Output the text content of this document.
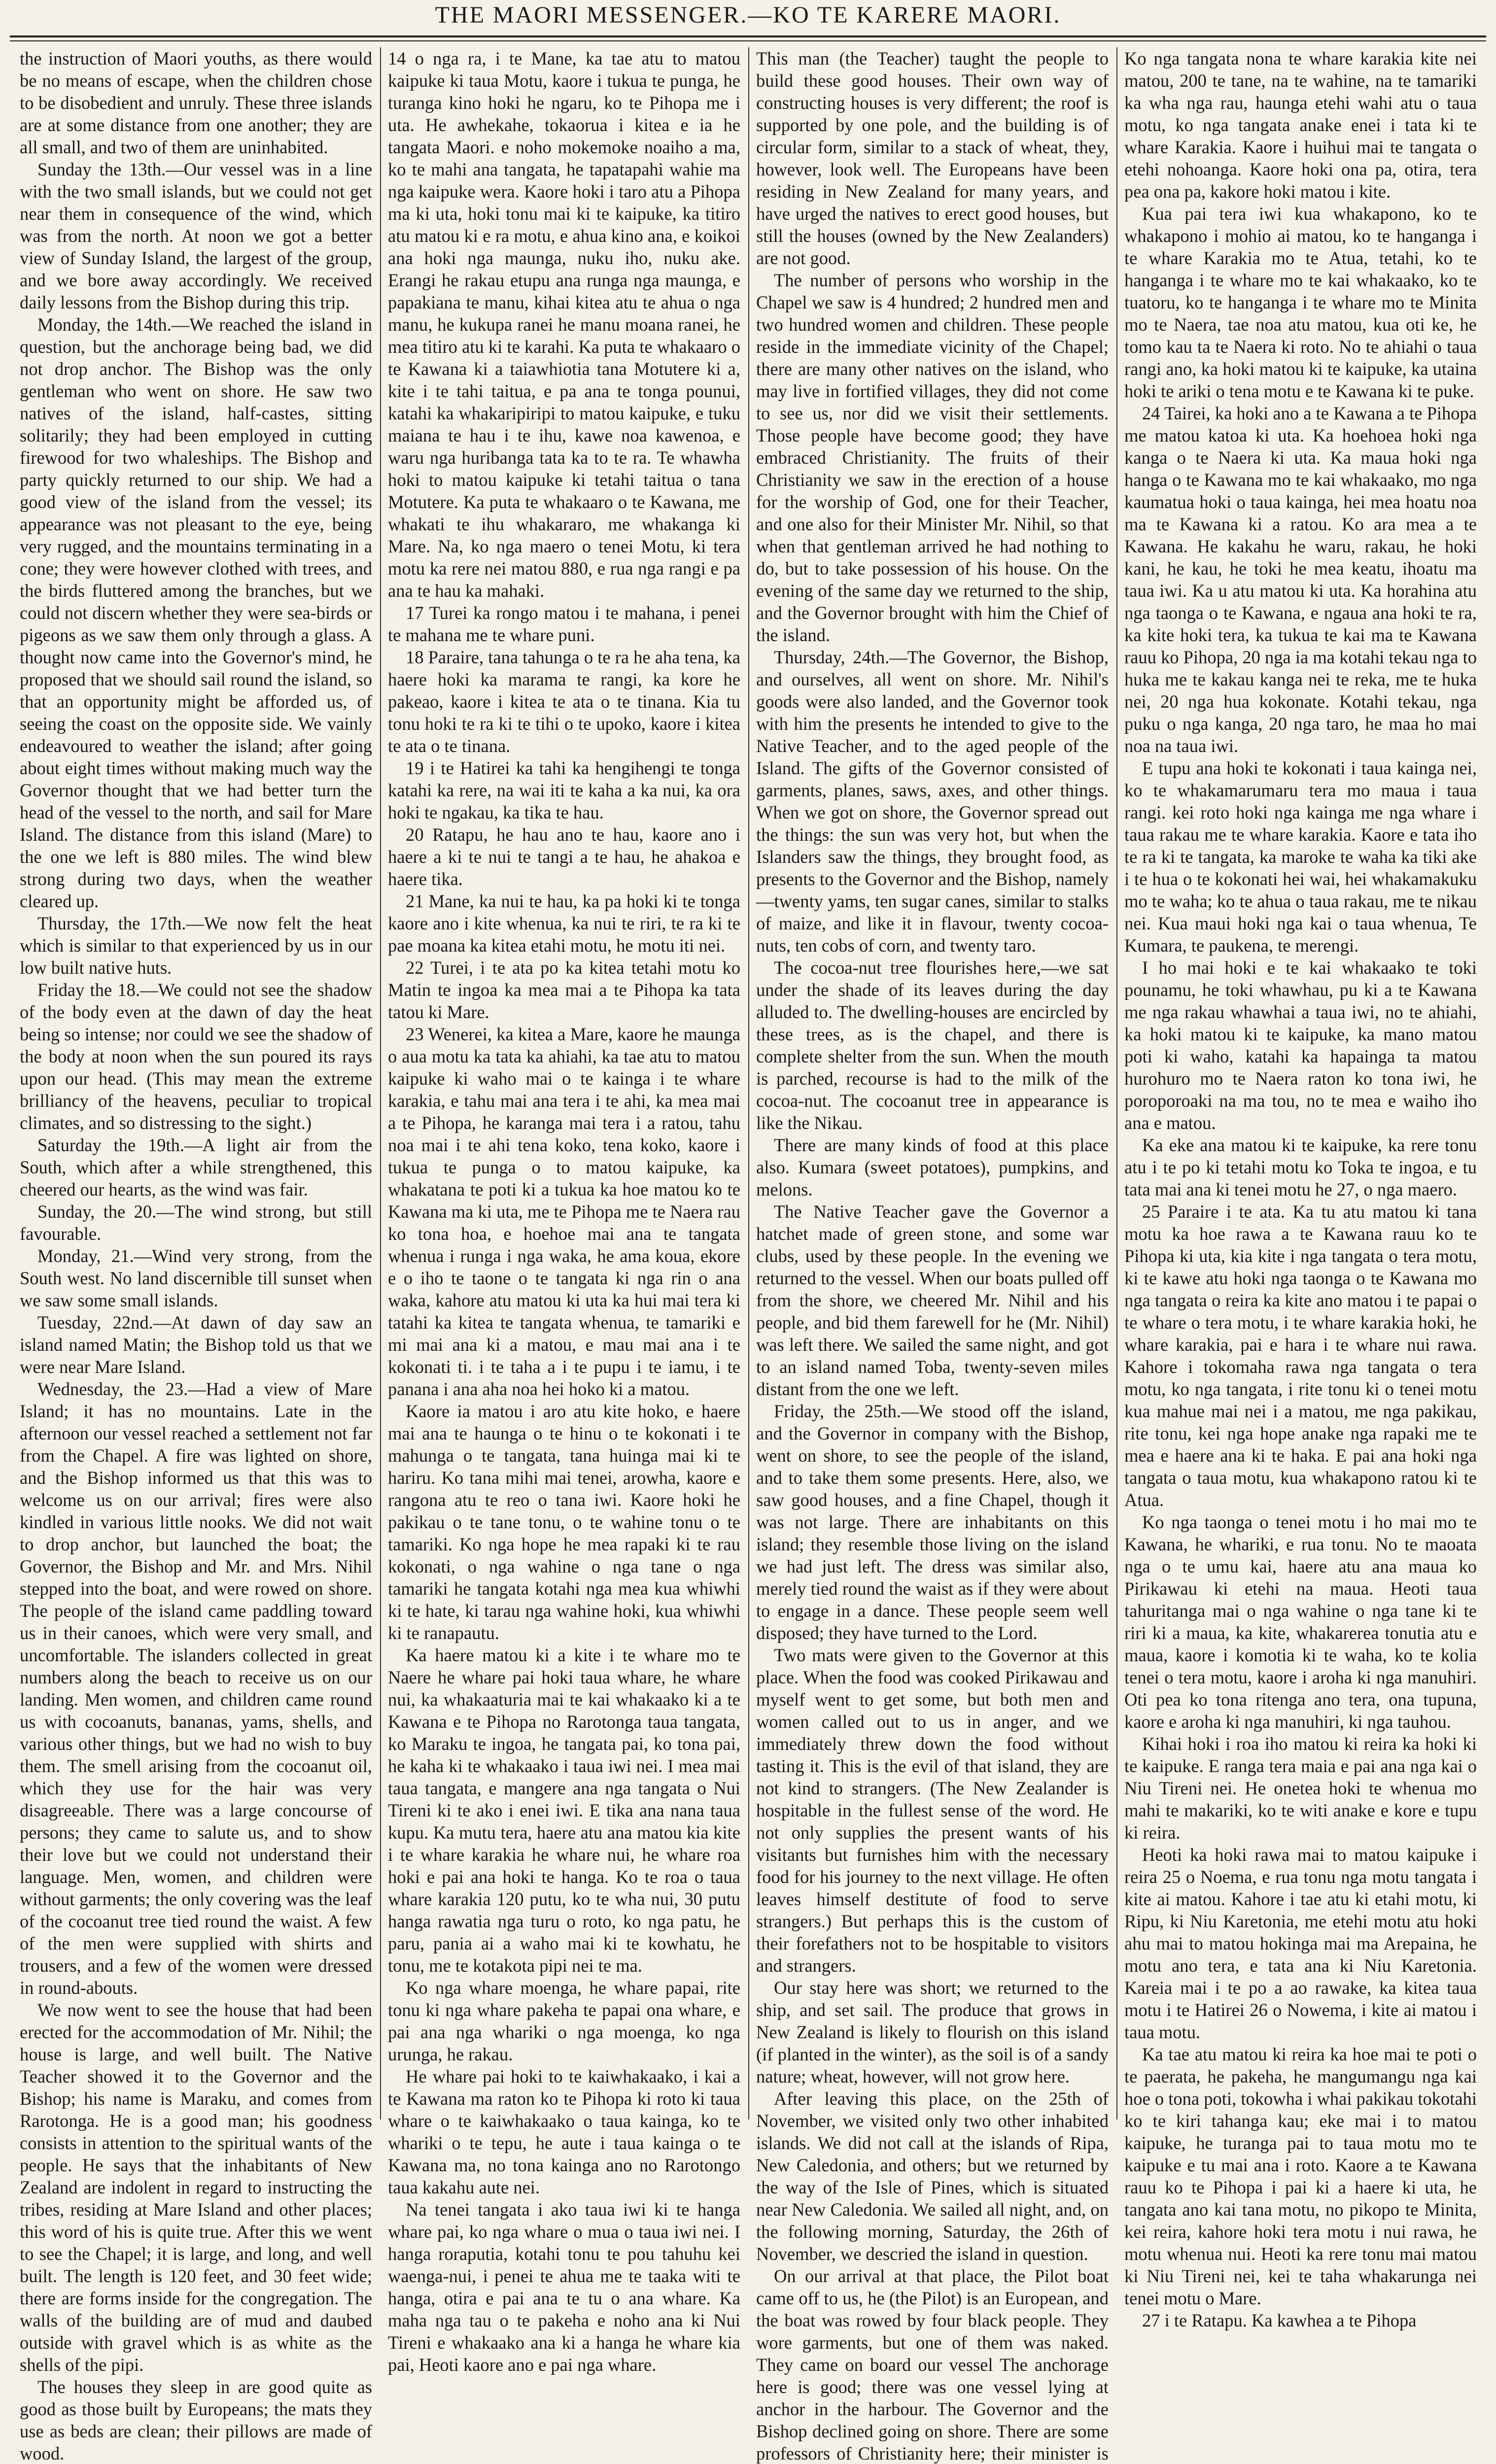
THE MAORI MESSENGER.—KO TE KARERE MAORI.

the instruction of Maori youths, as there would be no means of escape, when the children chose to be disobedient and unruly. These three islands are at some distance from one another; they are all small, and two of them are uninhabited.

Sunday the 13th.—Our vessel was in a line with the two small islands, but we could not get near them in consequence of the wind, which was from the north. At noon we got a better view of Sunday Island, the largest of the group, and we bore away accordingly. We received daily lessons from the Bishop during this trip.

Monday, the 14th.—We reached the island in question, but the anchorage being bad, we did not drop anchor. The Bishop was the only gentleman who went on shore. He saw two natives of the island, half-castes, sitting solitarily; they had been employed in cutting firewood for two whaleships. The Bishop and party quickly returned to our ship. We had a good view of the island from the vessel; its appearance was not pleasant to the eye, being very rugged, and the mountains terminating in a cone; they were however clothed with trees, and the birds fluttered among the branches, but we could not discern whether they were sea-birds or pigeons as we saw them only through a glass. A thought now came into the Governor's mind, he proposed that we should sail round the island, so that an opportunity might be afforded us, of seeing the coast on the opposite side. We vainly endeavoured to weather the island; after going about eight times without making much way the Governor thought that we had better turn the head of the vessel to the north, and sail for Mare Island. The distance from this island (Mare) to the one we left is 880 miles. The wind blew strong during two days, when the weather cleared up.

Thursday, the 17th.—We now felt the heat which is similar to that experienced by us in our low built native huts.

Friday the 18.—We could not see the shadow of the body even at the dawn of day the heat being so intense; nor could we see the shadow of the body at noon when the sun poured its rays upon our head. (This may mean the extreme brilliancy of the heavens, peculiar to tropical climates, and so distressing to the sight.)

Saturday the 19th.—A light air from the South, which after a while strengthened, this cheered our hearts, as the wind was fair.

Sunday, the 20.—The wind strong, but still favourable.

Monday, 21.—Wind very strong, from the South west. No land discernible till sunset when we saw some small islands.

Tuesday, 22nd.—At dawn of day saw an island named Matin; the Bishop told us that we were near Mare Island.

Wednesday, the 23.—Had a view of Mare Island; it has no mountains. Late in the afternoon our vessel reached a settlement not far from the Chapel. A fire was lighted on shore, and the Bishop informed us that this was to welcome us on our arrival; fires were also kindled in various little nooks. We did not wait to drop anchor, but launched the boat; the Governor, the Bishop and Mr. and Mrs. Nihil stepped into the boat, and were rowed on shore. The people of the island came paddling toward us in their canoes, which were very small, and uncomfortable. The islanders collected in great numbers along the beach to receive us on our landing. Men women, and children came round us with cocoanuts, bananas, yams, shells, and various other things, but we had no wish to buy them. The smell arising from the cocoanut oil, which they use for the hair was very disagreeable. There was a large concourse of persons; they came to salute us, and to show their love but we could not understand their language. Men, women, and children were without garments; the only covering was the leaf of the cocoanut tree tied round the waist. A few of the men were supplied with shirts and trousers, and a few of the women were dressed in round-abouts.

We now went to see the house that had been erected for the accommodation of Mr. Nihil; the house is large, and well built. The Native Teacher showed it to the Governor and the Bishop; his name is Maraku, and comes from Rarotonga. He is a good man; his goodness consists in attention to the spiritual wants of the people. He says that the inhabitants of New Zealand are indolent in regard to instructing the tribes, residing at Mare Island and other places; this word of his is quite true. After this we went to see the Chapel; it is large, and long, and well built. The length is 120 feet, and 30 feet wide; there are forms inside for the congregation. The walls of the building are of mud and daubed outside with gravel which is as white as the shells of the pipi.

The houses they sleep in are good quite as good as those built by Europeans; the mats they use as beds are clean; their pillows are made of wood.

14 o nga ra, i te Mane, ka tae atu to matou kaipuke ki taua Motu, kaore i tukua te punga, he turanga kino hoki he ngaru, ko te Pihopa me i uta. He awhekahe, tokaorua i kitea e ia he tangata Maori. e noho mokemoke noaiho a ma, ko te mahi ana tangata, he tapatapahi wahie ma nga kaipuke wera. Kaore hoki i taro atu a Pihopa ma ki uta, hoki tonu mai ki te kaipuke, ka titiro atu matou ki e ra motu, e ahua kino ana, e koikoi ana hoki nga maunga, nuku iho, nuku ake. Erangi he rakau etupu ana runga nga maunga, e papakiana te manu, kihai kitea atu te ahua o nga manu, he kukupa ranei he manu moana ranei, he mea titiro atu ki te karahi. Ka puta te whakaaro o te Kawana ki a taiawhiotia tana Motutere ki a, kite i te tahi taitua, e pa ana te tonga pounui, katahi ka whakaripiripi to matou kaipuke, e tuku maiana te hau i te ihu, kawe noa kawenoa, e waru nga huribanga tata ka to te ra. Te whawha hoki to matou kaipuke ki tetahi taitua o tana Motutere. Ka puta te whakaaro o te Kawana, me whakati te ihu whakararo, me whakanga ki Mare. Na, ko nga maero o tenei Motu, ki tera motu ka rere nei matou 880, e rua nga rangi e pa ana te hau ka mahaki.

17 Turei ka rongo matou i te mahana, i penei te mahana me te whare puni.

18 Paraire, tana tahunga o te ra he aha tena, ka haere hoki ka marama te rangi, ka kore he pakeao, kaore i kitea te ata o te tinana. Kia tu tonu hoki te ra ki te tihi o te upoko, kaore i kitea te ata o te tinana.

19 i te Hatirei ka tahi ka hengihengi te tonga katahi ka rere, na wai iti te kaha a ka nui, ka ora hoki te ngakau, ka tika te hau.

20 Ratapu, he hau ano te hau, kaore ano i haere a ki te nui te tangi a te hau, he ahakoa e haere tika.

21 Mane, ka nui te hau, ka pa hoki ki te tonga kaore ano i kite whenua, ka nui te riri, te ra ki te pae moana ka kitea etahi motu, he motu iti nei.

22 Turei, i te ata po ka kitea tetahi motu ko Matin te ingoa ka mea mai a te Pihopa ka tata tatou ki Mare.

23 Wenerei, ka kitea a Mare, kaore he maunga o aua motu ka tata ka ahiahi, ka tae atu to matou kaipuke ki waho mai o te kainga i te whare karakia, e tahu mai ana tera i te ahi, ka mea mai a te Pihopa, he karanga mai tera i a ratou, tahu noa mai i te ahi tena koko, tena koko, kaore i tukua te punga o to matou kaipuke, ka whakatana te poti ki a tukua ka hoe matou ko te Kawana ma ki uta, me te Pihopa me te Naera rau ko tona hoa, e hoehoe mai ana te tangata whenua i runga i nga waka, he ama koua, ekore e o iho te taone o te tangata ki nga rin o ana waka, kahore atu matou ki uta ka hui mai tera ki tatahi ka kitea te tangata whenua, te tamariki e mi mai ana ki a matou, e mau mai ana i te kokonati ti. i te taha a i te pupu i te iamu, i te panana i ana aha noa hei hoko ki a matou.

Kaore ia matou i aro atu kite hoko, e haere mai ana te haunga o te hinu o te kokonati i te mahunga o te tangata, tana huinga mai ki te hariru. Ko tana mihi mai tenei, arowha, kaore e rangona atu te reo o tana iwi. Kaore hoki he pakikau o te tane tonu, o te wahine tonu o te tamariki. Ko nga hope he mea rapaki ki te rau kokonati, o nga wahine o nga tane o nga tamariki he tangata kotahi nga mea kua whiwhi ki te hate, ki tarau nga wahine hoki, kua whiwhi ki te ranapautu.

Ka haere matou ki a kite i te whare mo te Naere he whare pai hoki taua whare, he whare nui, ka whakaaturia mai te kai whakaako ki a te Kawana e te Pihopa no Rarotonga taua tangata, ko Maraku te ingoa, he tangata pai, ko tona pai, he kaha ki te whakaako i taua iwi nei. I mea mai taua tangata, e mangere ana nga tangata o Nui Tireni ki te ako i enei iwi. E tika ana nana taua kupu. Ka mutu tera, haere atu ana matou kia kite i te whare karakia he whare nui, he whare roa hoki e pai ana hoki te hanga. Ko te roa o taua whare karakia 120 putu, ko te wha nui, 30 putu hanga rawatia nga turu o roto, ko nga patu, he paru, pania ai a waho mai ki te kowhatu, he tonu, me te kotakota pipi nei te ma.

Ko nga whare moenga, he whare papai, rite tonu ki nga whare pakeha te papai ona whare, e pai ana nga whariki o nga moenga, ko nga urunga, he rakau.

He whare pai hoki to te kaiwhakaako, i kai a te Kawana ma raton ko te Pihopa ki roto ki taua whare o te kaiwhakaako o taua kainga, ko te whariki o te tepu, he aute i taua kainga o te Kawana ma, no tona kainga ano no Rarotongo taua kakahu aute nei.

Na tenei tangata i ako taua iwi ki te hanga whare pai, ko nga whare o mua o taua iwi nei. I hanga roraputia, kotahi tonu te pou tahuhu kei waenga-nui, i penei te ahua me te taaka witi te hanga, otira e pai ana te tu o ana whare. Ka maha nga tau o te pakeha e noho ana ki Nui Tireni e whakaako ana ki a hanga he whare kia pai, Heoti kaore ano e pai nga whare.

This man (the Teacher) taught the people to build these good houses. Their own way of constructing houses is very different; the roof is supported by one pole, and the building is of circular form, similar to a stack of wheat, they, however, look well. The Europeans have been residing in New Zealand for many years, and have urged the natives to erect good houses, but still the houses (owned by the New Zealanders) are not good.

The number of persons who worship in the Chapel we saw is 4 hundred; 2 hundred men and two hundred women and children. These people reside in the immediate vicinity of the Chapel; there are many other natives on the island, who may live in fortified villages, they did not come to see us, nor did we visit their settlements. Those people have become good; they have embraced Christianity. The fruits of their Christianity we saw in the erection of a house for the worship of God, one for their Teacher, and one also for their Minister Mr. Nihil, so that when that gentleman arrived he had nothing to do, but to take possession of his house. On the evening of the same day we returned to the ship, and the Governor brought with him the Chief of the island.

Thursday, 24th.—The Governor, the Bishop, and ourselves, all went on shore. Mr. Nihil's goods were also landed, and the Governor took with him the presents he intended to give to the Native Teacher, and to the aged people of the Island. The gifts of the Governor consisted of garments, planes, saws, axes, and other things. When we got on shore, the Governor spread out the things: the sun was very hot, but when the Islanders saw the things, they brought food, as presents to the Governor and the Bishop, namely—twenty yams, ten sugar canes, similar to stalks of maize, and like it in flavour, twenty cocoa-nuts, ten cobs of corn, and twenty taro.

The cocoa-nut tree flourishes here,—we sat under the shade of its leaves during the day alluded to. The dwelling-houses are encircled by these trees, as is the chapel, and there is complete shelter from the sun. When the mouth is parched, recourse is had to the milk of the cocoa-nut. The cocoanut tree in appearance is like the Nikau.

There are many kinds of food at this place also. Kumara (sweet potatoes), pumpkins, and melons.

The Native Teacher gave the Governor a hatchet made of green stone, and some war clubs, used by these people. In the evening we returned to the vessel. When our boats pulled off from the shore, we cheered Mr. Nihil and his people, and bid them farewell for he (Mr. Nihil) was left there. We sailed the same night, and got to an island named Toba, twenty-seven miles distant from the one we left.

Friday, the 25th.—We stood off the island, and the Governor in company with the Bishop, went on shore, to see the people of the island, and to take them some presents. Here, also, we saw good houses, and a fine Chapel, though it was not large. There are inhabitants on this island; they resemble those living on the island we had just left. The dress was similar also, merely tied round the waist as if they were about to engage in a dance. These people seem well disposed; they have turned to the Lord.

Two mats were given to the Governor at this place. When the food was cooked Pirikawau and myself went to get some, but both men and women called out to us in anger, and we immediately threw down the food without tasting it. This is the evil of that island, they are not kind to strangers. (The New Zealander is hospitable in the fullest sense of the word. He not only supplies the present wants of his visitants but furnishes him with the necessary food for his journey to the next village. He often leaves himself destitute of food to serve strangers.) But perhaps this is the custom of their forefathers not to be hospitable to visitors and strangers.

Our stay here was short; we returned to the ship, and set sail. The produce that grows in New Zealand is likely to flourish on this island (if planted in the winter), as the soil is of a sandy nature; wheat, however, will not grow here.

After leaving this place, on the 25th of November, we visited only two other inhabited islands. We did not call at the islands of Ripa, New Caledonia, and others; but we returned by the way of the Isle of Pines, which is situated near New Caledonia. We sailed all night, and, on the following morning, Saturday, the 26th of November, we descried the island in question.

On our arrival at that place, the Pilot boat came off to us, he (the Pilot) is an European, and the boat was rowed by four black people. They wore garments, but one of them was naked. They came on board our vessel The anchorage here is good; there was one vessel lying at anchor in the harbour. The Governor and the Bishop declined going on shore. There are some professors of Christianity here; their minister is

Ko nga tangata nona te whare karakia kite nei matou, 200 te tane, na te wahine, na te tamariki ka wha nga rau, haunga etehi wahi atu o taua motu, ko nga tangata anake enei i tata ki te whare Karakia. Kaore i huihui mai te tangata o etehi nohoanga. Kaore hoki ona pa, otira, tera pea ona pa, kakore hoki matou i kite.

Kua pai tera iwi kua whakapono, ko te whakapono i mohio ai matou, ko te hanganga i te whare Karakia mo te Atua, tetahi, ko te hanganga i te whare mo te kai whakaako, ko te tuatoru, ko te hanganga i te whare mo te Minita mo te Naera, tae noa atu matou, kua oti ke, he tomo kau ta te Naera ki roto. No te ahiahi o taua rangi ano, ka hoki matou ki te kaipuke, ka utaina hoki te ariki o tena motu e te Kawana ki te puke.

24 Tairei, ka hoki ano a te Kawana a te Pihopa me matou katoa ki uta. Ka hoehoea hoki nga kanga o te Naera ki uta. Ka maua hoki nga hanga o te Kawana mo te kai whakaako, mo nga kaumatua hoki o taua kainga, hei mea hoatu noa ma te Kawana ki a ratou. Ko ara mea a te Kawana. He kakahu he waru, rakau, he hoki kani, he kau, he toki he mea keatu, ihoatu ma taua iwi. Ka u atu matou ki uta. Ka horahina atu nga taonga o te Kawana, e ngaua ana hoki te ra, ka kite hoki tera, ka tukua te kai ma te Kawana rauu ko Pihopa, 20 nga ia ma kotahi tekau nga to huka me te kakau kanga nei te reka, me te huka nei, 20 nga hua kokonate. Kotahi tekau, nga puku o nga kanga, 20 nga taro, he maa ho mai noa na taua iwi.

E tupu ana hoki te kokonati i taua kainga nei, ko te whakamarumaru tera mo maua i taua rangi. kei roto hoki nga kainga me nga whare i taua rakau me te whare karakia. Kaore e tata iho te ra ki te tangata, ka maroke te waha ka tiki ake i te hua o te kokonati hei wai, hei whakamakuku mo te waha; ko te ahua o taua rakau, me te nikau nei. Kua maui hoki nga kai o taua whenua, Te Kumara, te paukena, te merengi.

I ho mai hoki e te kai whakaako te toki pounamu, he toki whawhau, pu ki a te Kawana me nga rakau whawhai a taua iwi, no te ahiahi, ka hoki matou ki te kaipuke, ka mano matou poti ki waho, katahi ka hapainga ta matou hurohuro mo te Naera raton ko tona iwi, he poroporoaki na ma tou, no te mea e waiho iho ana e matou.

Ka eke ana matou ki te kaipuke, ka rere tonu atu i te po ki tetahi motu ko Toka te ingoa, e tu tata mai ana ki tenei motu he 27, o nga maero.

25 Paraire i te ata. Ka tu atu matou ki tana motu ka hoe rawa a te Kawana rauu ko te Pihopa ki uta, kia kite i nga tangata o tera motu, ki te kawe atu hoki nga taonga o te Kawana mo nga tangata o reira ka kite ano matou i te papai o te whare o tera motu, i te whare karakia hoki, he whare karakia, pai e hara i te whare nui rawa. Kahore i tokomaha rawa nga tangata o tera motu, ko nga tangata, i rite tonu ki o tenei motu kua mahue mai nei i a matou, me nga pakikau, rite tonu, kei nga hope anake nga rapaki me te mea e haere ana ki te haka. E pai ana hoki nga tangata o taua motu, kua whakapono ratou ki te Atua.

Ko nga taonga o tenei motu i ho mai mo te Kawana, he whariki, e rua tonu. No te maoata nga o te umu kai, haere atu ana maua ko Pirikawau ki etehi na maua. Heoti taua tahuritanga mai o nga wahine o nga tane ki te riri ki a maua, ka kite, whakarerea tonutia atu e maua, kaore i komotia ki te waha, ko te kolia tenei o tera motu, kaore i aroha ki nga manuhiri. Oti pea ko tona ritenga ano tera, ona tupuna, kaore e aroha ki nga manuhiri, ki nga tauhou.

Kihai hoki i roa iho matou ki reira ka hoki ki te kaipuke. E ranga tera maia e pai ana nga kai o Niu Tireni nei. He onetea hoki te whenua mo mahi te makariki, ko te witi anake e kore e tupu ki reira.

Heoti ka hoki rawa mai to matou kaipuke i reira 25 o Noema, e rua tonu nga motu tangata i kite ai matou. Kahore i tae atu ki etahi motu, ki Ripu, ki Niu Karetonia, me etehi motu atu hoki ahu mai to matou hokinga mai ma Arepaina, he motu ano tera, e tata ana ki Niu Karetonia. Kareia mai i te po a ao rawake, ka kitea taua motu i te Hatirei 26 o Nowema, i kite ai matou i taua motu.

Ka tae atu matou ki reira ka hoe mai te poti o te paerata, he pakeha, he mangumangu nga kai hoe o tona poti, tokowha i whai pakikau tokotahi ko te kiri tahanga kau; eke mai i to matou kaipuke, he turanga pai to taua motu mo te kaipuke e tu mai ana i roto. Kaore a te Kawana rauu ko te Pihopa i pai ki a haere ki uta, he tangata ano kai tana motu, no pikopo te Minita, kei reira, kahore hoki tera motu i nui rawa, he motu whenua nui. Heoti ka rere tonu mai matou ki Niu Tireni nei, kei te taha whakarunga nei tenei motu o Mare.

27 i te Ratapu. Ka kawhea a te Pihopa
